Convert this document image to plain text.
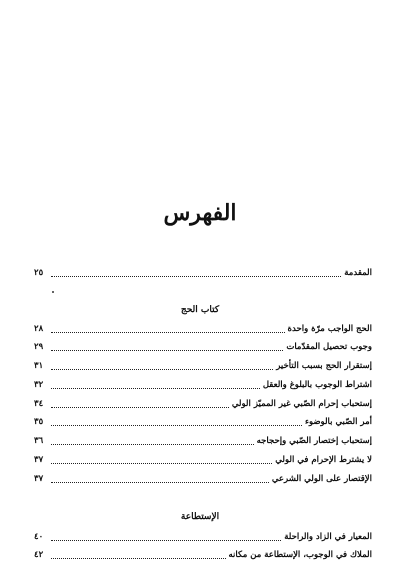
الفهرس
المقدمة
٢٥
كتاب الحج
الحج الواجب مرّة واحدة
٢٨
وجوب تحصيل المقدّمات
٢٩
إستقرار الحج بسبب التأخير
٣١
اشتراط الوجوب بالبلوغ والعقل
٣٢
إستحباب إحرام الصّبي غير المميّز الولي
٣٤
أمر الصّبي بالوضوء
٣٥
إستحباب إختصار الصّبي وإحجاجه
٣٦
لا يشترط الإحرام في الولي
٣٧
الإقتصار على الولي الشرعي
٣٧
الإستطاعة
المعيار في الزاد والراحلة
٤٠
الملاك في الوجوب، الإستطاعة من مكانه
٤٢
